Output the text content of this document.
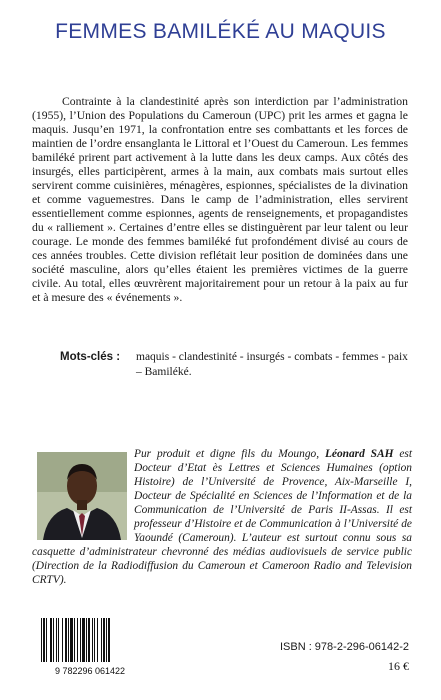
FEMMES BAMILÉKÉ AU MAQUIS

Contrainte à la clandestinité après son interdiction par l’administration (1955), l’Union des Populations du Cameroun (UPC) prit les armes et gagna le maquis. Jusqu’en 1971, la confrontation entre ses combattants et les forces de maintien de l’ordre ensanglanta le Littoral et l’Ouest du Cameroun. Les femmes bamiléké prirent part activement à la lutte dans les deux camps. Aux côtés des insurgés, elles participèrent, armes à la main, aux combats mais surtout elles servirent comme cuisinières, ménagères, espionnes, spécialistes de la divination et comme vaguemestres. Dans le camp de l’administration, elles servirent essentiellement comme espionnes, agents de renseignements, et propagandistes du « ralliement ». Certaines d’entre elles se distinguèrent par leur talent ou leur courage. Le monde des femmes bamiléké fut profondément divisé au cours de ces années troubles. Cette division reflétait leur position de dominées dans une société masculine, alors qu’elles étaient les premières victimes de la guerre civile. Au total, elles œuvrèrent majoritairement pour un retour à la paix au fur et à mesure des « événements ».

Mots-clés :	maquis - clandestinité - insurgés - combats - femmes - paix – Bamiléké.

Pur produit et digne fils du Moungo, Léonard SAH est Docteur d’Etat ès Lettres et Sciences Humaines (option Histoire) de l’Université de Provence, Aix-Marseille I, Docteur de Spécialité en Sciences de l’Information et de la Communication de l’Université de Paris II-Assas. Il est professeur d’Histoire et de Communication à l’Université de Yaoundé (Cameroun). L’auteur est surtout connu sous sa casquette d’administrateur chevronné des médias audiovisuels de service public (Direction de la Radiodiffusion du Cameroun et Cameroon Radio and Television CRTV).

9 782296 061422
ISBN : 978-2-296-06142-2
16 €
